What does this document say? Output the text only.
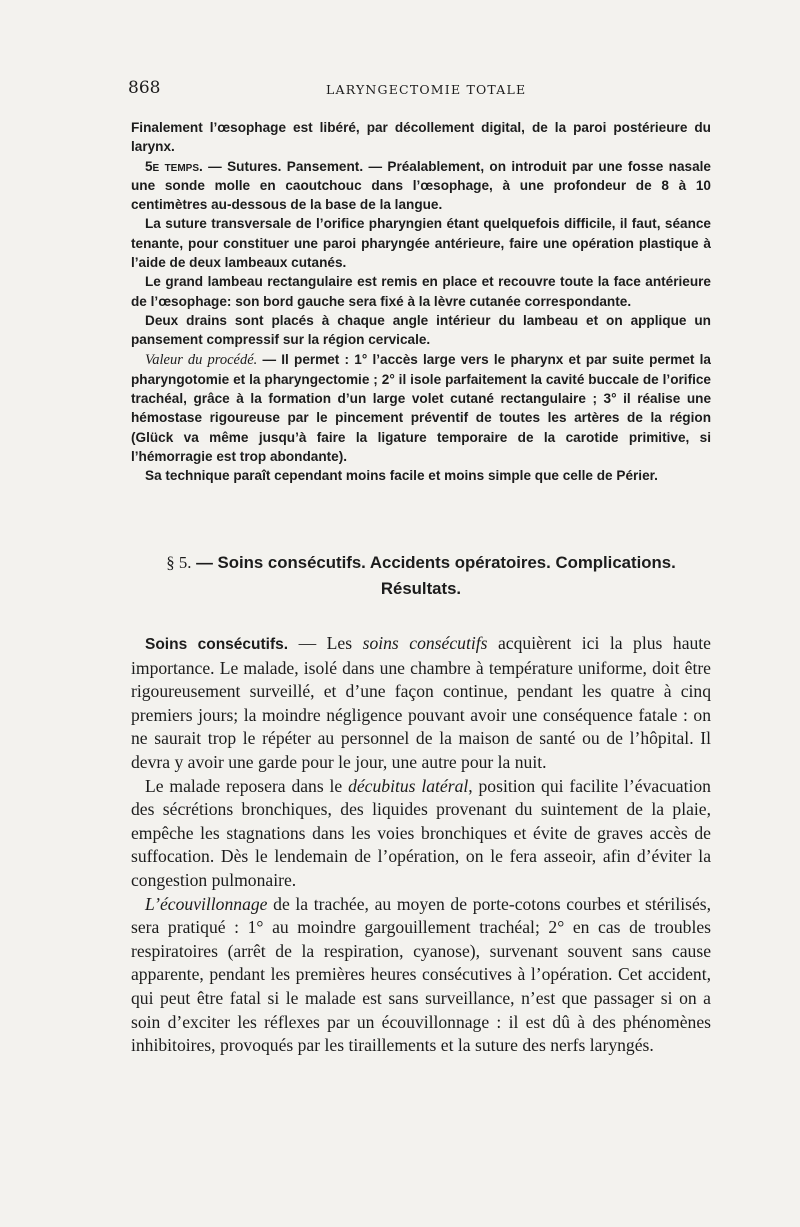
868	LARYNGECTOMIE TOTALE

Finalement l’œsophage est libéré, par décollement digital, de la paroi postérieure du larynx.

5e temps. — Sutures. Pansement. — Préalablement, on introduit par une fosse nasale une sonde molle en caoutchouc dans l’œsophage, à une profondeur de 8 à 10 centimètres au-dessous de la base de la langue.

La suture transversale de l’orifice pharyngien étant quelquefois difficile, il faut, séance tenante, pour constituer une paroi pharyngée antérieure, faire une opération plastique à l’aide de deux lambeaux cutanés.

Le grand lambeau rectangulaire est remis en place et recouvre toute la face antérieure de l’œsophage: son bord gauche sera fixé à la lèvre cutanée correspondante.

Deux drains sont placés à chaque angle intérieur du lambeau et on applique un pansement compressif sur la région cervicale.

Valeur du procédé. — Il permet : 1° l’accès large vers le pharynx et par suite permet la pharyngotomie et la pharyngectomie ; 2° il isole parfaitement la cavité buccale de l’orifice trachéal, grâce à la formation d’un large volet cutané rectangulaire ; 3° il réalise une hémostase rigoureuse par le pincement préventif de toutes les artères de la région (Glück va même jusqu’à faire la ligature temporaire de la carotide primitive, si l’hémorragie est trop abondante).

Sa technique paraît cependant moins facile et moins simple que celle de Périer.

§ 5. — Soins consécutifs. Accidents opératoires. Complications. Résultats.

Soins consécutifs. — Les soins consécutifs acquièrent ici la plus haute importance. Le malade, isolé dans une chambre à température uniforme, doit être rigoureusement surveillé, et d’une façon continue, pendant les quatre à cinq premiers jours; la moindre négligence pouvant avoir une conséquence fatale : on ne saurait trop le répéter au personnel de la maison de santé ou de l’hôpital. Il devra y avoir une garde pour le jour, une autre pour la nuit.

Le malade reposera dans le décubitus latéral, position qui facilite l’évacuation des sécrétions bronchiques, des liquides provenant du suintement de la plaie, empêche les stagnations dans les voies bronchiques et évite de graves accès de suffocation. Dès le lendemain de l’opération, on le fera asseoir, afin d’éviter la congestion pulmonaire.

L’écouvillonnage de la trachée, au moyen de porte-cotons courbes et stérilisés, sera pratiqué : 1° au moindre gargouillement trachéal; 2° en cas de troubles respiratoires (arrêt de la respiration, cyanose), survenant souvent sans cause apparente, pendant les premières heures consécutives à l’opération. Cet accident, qui peut être fatal si le malade est sans surveillance, n’est que passager si on a soin d’exciter les réflexes par un écouvillonnage : il est dû à des phénomènes inhibitoires, provoqués par les tiraillements et la suture des nerfs laryngés.
